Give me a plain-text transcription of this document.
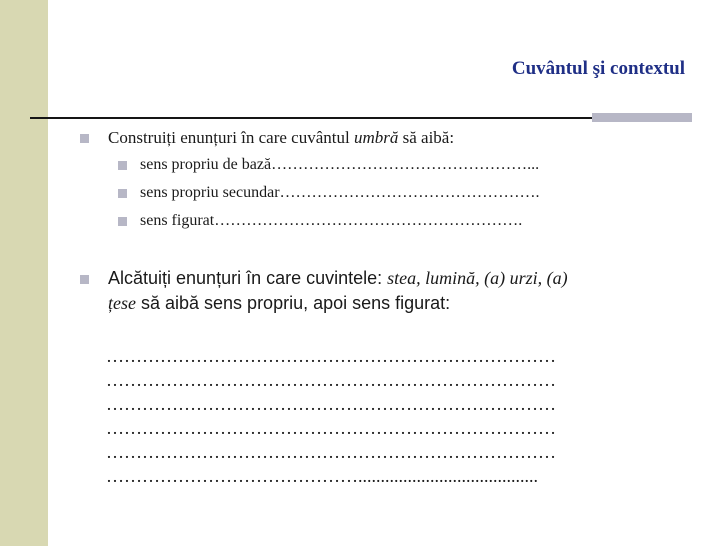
Cuvântul şi contextul
Construiți enunțuri în care cuvântul umbră să aibă:
sens propriu de bază…………………………………………...
sens propriu secundar………………………………………….
sens figurat………………………………………………….
Alcătuiți enunțuri în care cuvintele: stea, lumină, (a) urzi, (a)
țese să aibă sens propriu, apoi sens figurat:
…………………………………………………………………
…………………………………………………………………
…………………………………………………………………
…………………………………………………………………
…………………………………………………………………
……………………………………........................................
